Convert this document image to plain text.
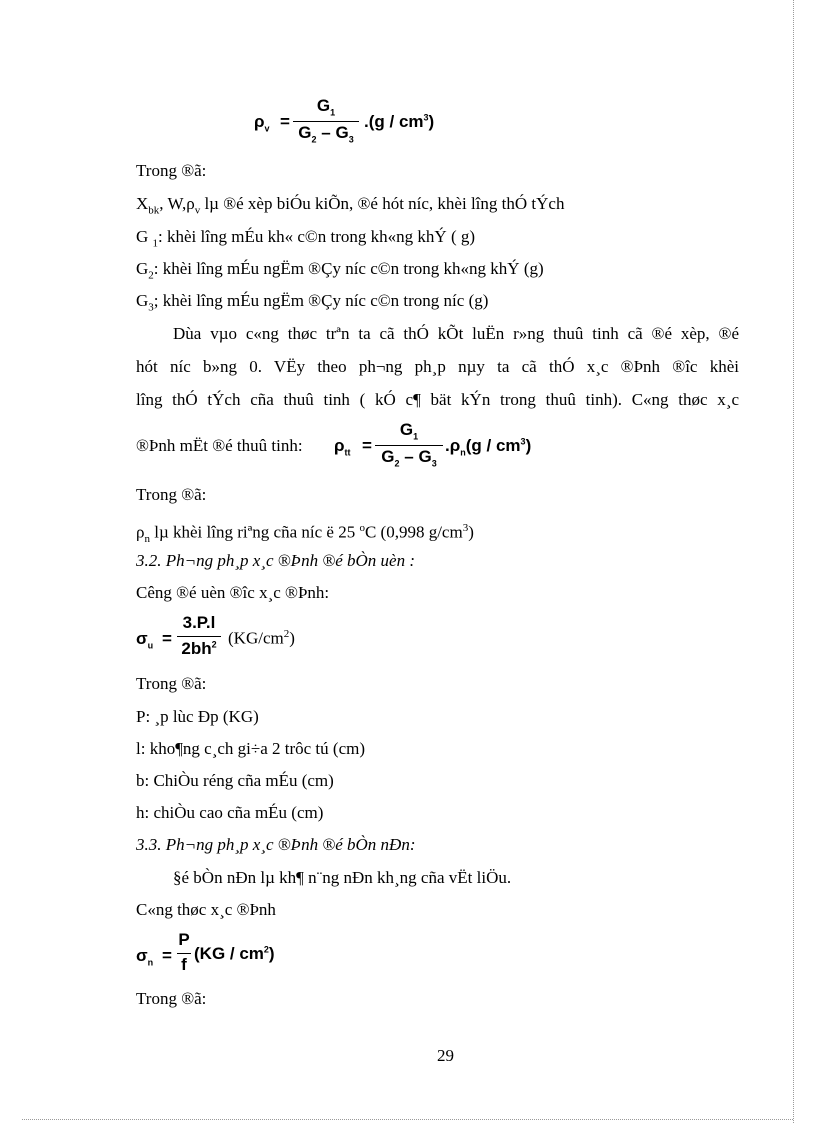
$\rho_v$ =
$G_1$
$G_2 - G_3$
$.(g / cm^3)$
Trong ®ã:
$X_{bk}$, $W,\rho_v$ lµ ®é xèp biÓu kiÕn, ®é hót níc, khèi lîng thÓ tÝch
G $_1$: khèi lîng mÉu kh« c©n trong kh«ng khÝ ( g)
$G_2$: khèi lîng mÉu ngËm ®Çy níc c©n trong kh«ng khÝ (g)
$G_3$; khèi lîng mÉu ngËm ®Çy níc c©n trong níc (g)
Dùa vµo c«ng thøc trªn ta cã thÓ kÕt luËn r»ng thuû tinh cã ®é xèp, ®é
hót níc b»ng 0. VËy theo ph¬ng ph¸p nµy ta cã thÓ x¸c ®Þnh ®îc khèi
lîng thÓ tÝch cña thuû tinh ( kÓ c¶ bät kÝn trong thuû tinh). C«ng thøc x¸c
®Þnh mËt ®é thuû tinh: $\rho_{tt}$ =
$G_1$
$G_2 - G_3$
$.\rho_n(g / cm^3)$
Trong ®ã:
$\rho_n$ lµ khèi lîng riªng cña níc ë 25 $^o$C (0,998 $g/cm^3$)
3.2. Ph¬ng ph¸p x¸c ®Þnh ®é bÒn uèn :
Cêng ®é uèn ®îc x¸c ®Þnh:
$\sigma_u$ =
3.P.l
$2bh^2$ $(KG/cm^2)$
Trong ®ã:
P: ¸p lùc Ðp (KG)
l: kho¶ng c¸ch gi÷a 2 trôc tú (cm)
b: ChiÒu réng cña mÉu (cm)
h: chiÒu cao cña mÉu (cm)
3.3. Ph¬ng ph¸p x¸c ®Þnh ®é bÒn nÐn:
§é bÒn nÐn lµ kh¶ n¨ng nÐn kh¸ng cña vËt liÖu.
C«ng thøc x¸c ®Þnh
$\sigma_n$ =
P
f
$(KG / cm^2)$
Trong ®ã:
29
